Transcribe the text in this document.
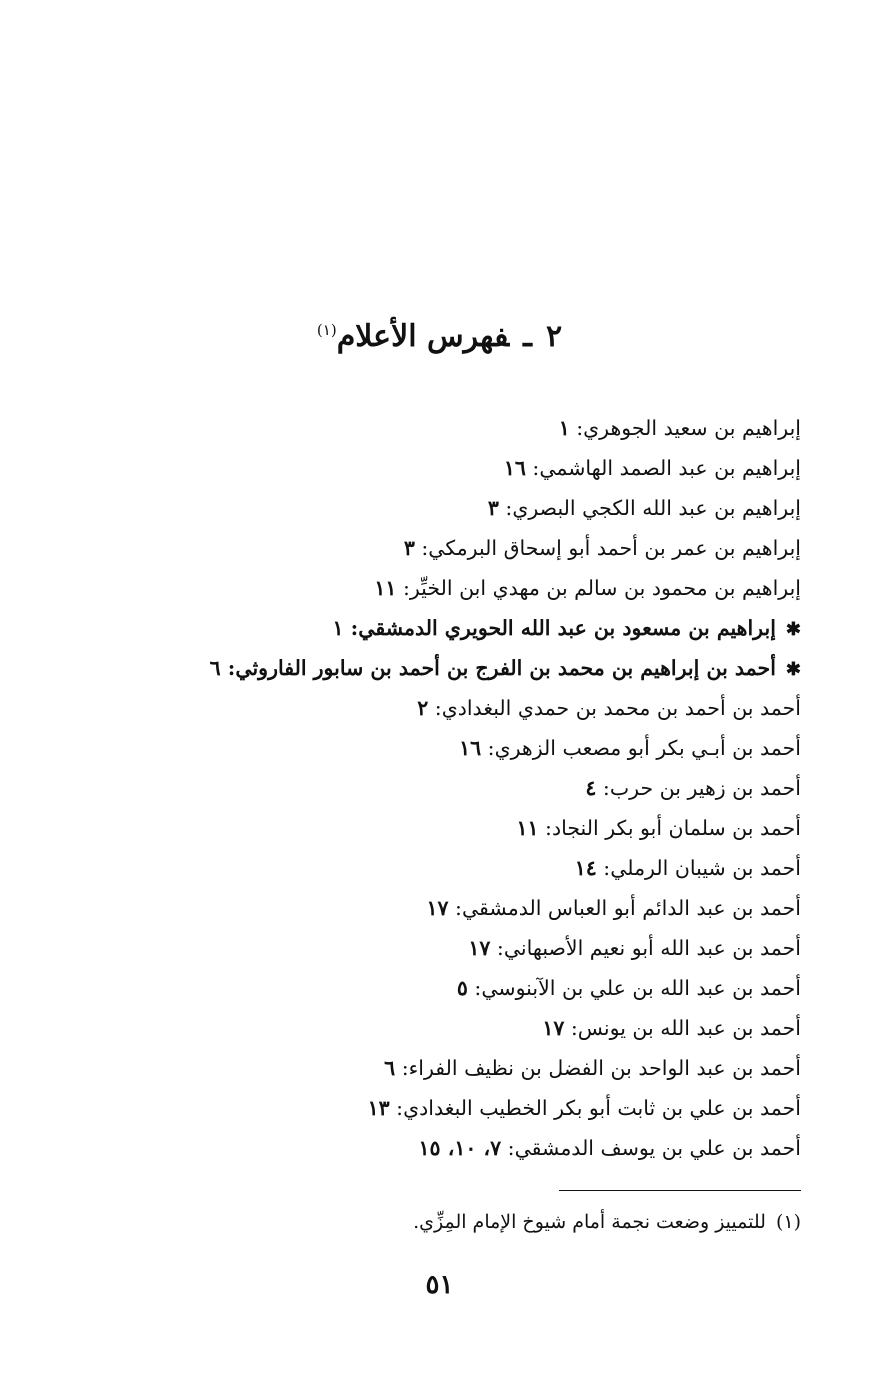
٢ـفهرس الأعلام$^{(١)}$
إبراهيم بن سعيد الجوهري: ١
إبراهيم بن عبد الصمد الهاشمي: ١٦
إبراهيم بن عبد الله الكجي البصري: ٣
إبراهيم بن عمر بن أحمد أبو إسحاق البرمكي: ٣
إبراهيم بن محمود بن سالم بن مهدي ابن الخيِّر: ١١
✱إبراهيم بن مسعود بن عبد الله الحويري الدمشقي: ١
✱أحمد بن إبراهيم بن محمد بن الفرج بن أحمد بن سابور الفاروثي: ٦
أحمد بن أحمد بن محمد بن حمدي البغدادي: ٢
أحمد بن أبـي بكر أبو مصعب الزهري: ١٦
أحمد بن زهير بن حرب: ٤
أحمد بن سلمان أبو بكر النجاد: ١١
أحمد بن شيبان الرملي: ١٤
أحمد بن عبد الدائم أبو العباس الدمشقي: ١٧
أحمد بن عبد الله أبو نعيم الأصبهاني: ١٧
أحمد بن عبد الله بن علي بن الآبنوسي: ٥
أحمد بن عبد الله بن يونس: ١٧
أحمد بن عبد الواحد بن الفضل بن نظيف الفراء: ٦
أحمد بن علي بن ثابت أبو بكر الخطيب البغدادي: ١٣
أحمد بن علي بن يوسف الدمشقي: ٧، ١٠، ١٥
(١)للتمييز وضعت نجمة أمام شيوخ الإمام المِزِّي.
٥١
